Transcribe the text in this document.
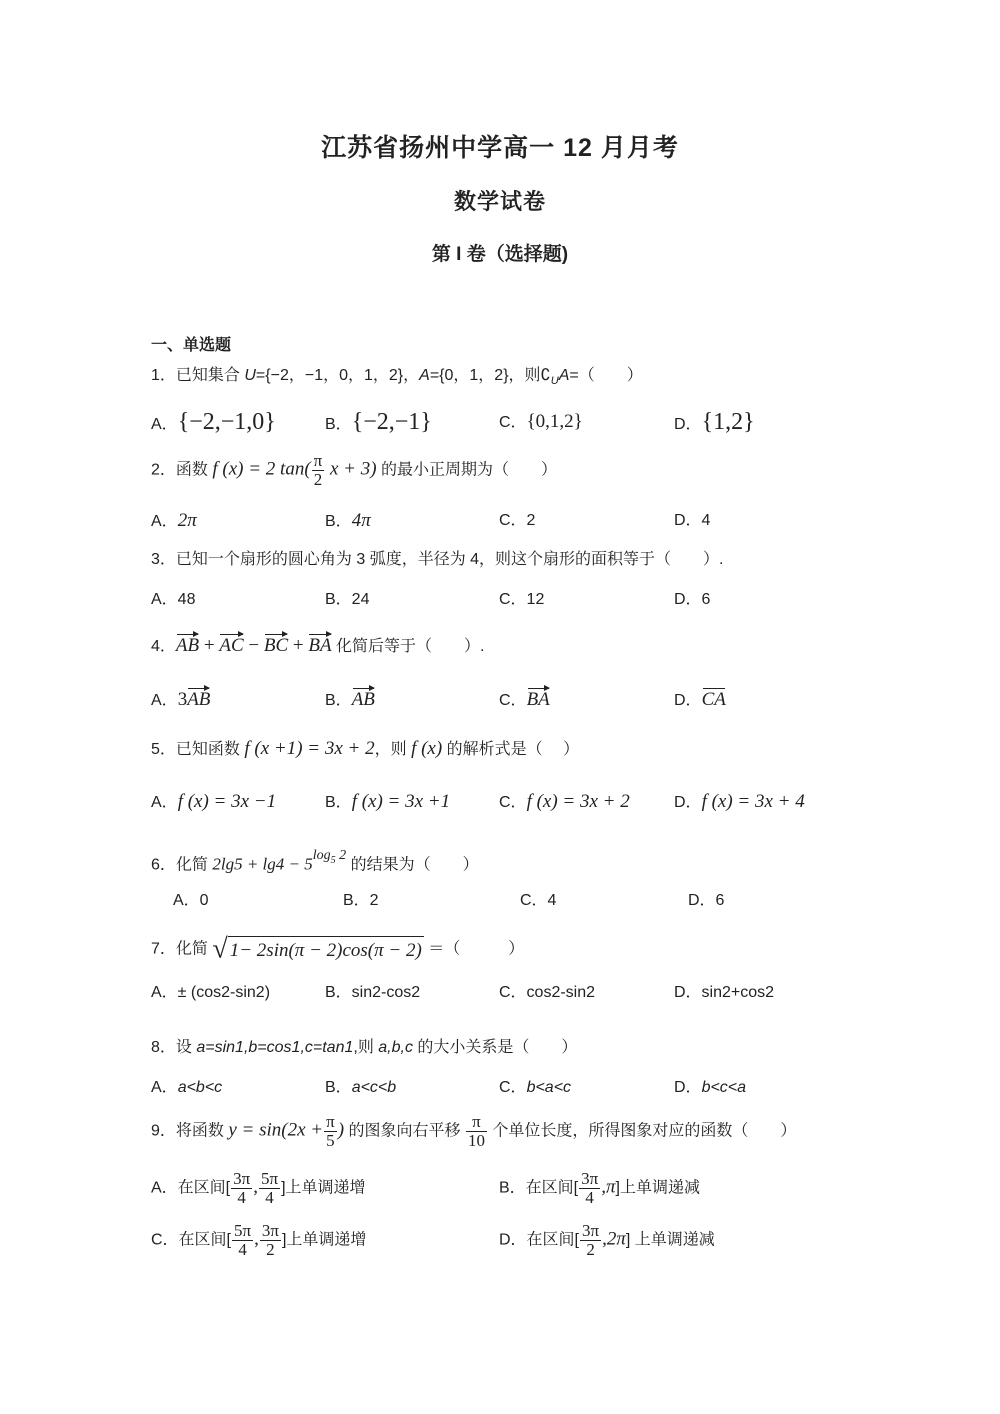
江苏省扬州中学高一 12 月月考
数学试卷
第 I 卷（选择题)
一、单选题
1．已知集合 U={−2，−1，0，1，2}，A={0，1，2}，则$∁_UA=$（　　）
A．{−2,−1,0}	B．{−2,−1}	C．{0,1,2}	D．{1,2}
2．函数 f (x) = 2 $\tan( \frac{\pi}{2}$ x + 3) 的最小正周期为（　　）
A．2π	B．4π	C．2	D．4
3．已知一个扇形的圆心角为 3 弧度，半径为 4，则这个扇形的面积等于（　　）.
A．48	B．24	C．12	D．6
4．AB + AC − BC + BA 化简后等于（　　）.
A．3AB	B．AB	C．BA	D．CA
5．已知函数 f (x +1) = 3x + 2，则 f (x) 的解析式是（　 ）
A．f (x) = 3x −1	B．f (x) = 3x +1	C．f (x) = 3x + 2	D．f (x) = 3x + 4
6．化简 $2\lg 5 + \lg 4 - 5^{log_5 2}$ 的结果为（　　）
A．0	B．2	C．4	D．6
7．化简 √ 1− 2sin(π − 2)cos(π − 2) ＝（　　　）
A．± (cos2-sin2)	B．sin2-cos2	C．cos2-sin2	D．sin2+cos2
8．设 a=sin1,b=cos1,c=tan1,则 a,b,c 的大小关系是（　　）
A．a<b<c	B．a<c<b	C．b<a<c	D．b<c<a
9．将函数 $y = \sin(2x + \frac{\pi}{5}$ ) 的图象向右平移 $\frac{\pi}{10}$ 个单位长度，所得图象对应的函数（　　）
A．在区间[ $\frac{3\pi}{4}$ , $\frac{5\pi}{4}$ ]上单调递增	B．在区间[ $\frac{3\pi}{4} ,\pi$]上单调递减
C．在区间[ $\frac{5\pi}{4}$ , $\frac{3\pi}{2}$ ]上单调递增	D．在区间[ $\frac{3\pi}{2} ,2\pi$] 上单调递减
